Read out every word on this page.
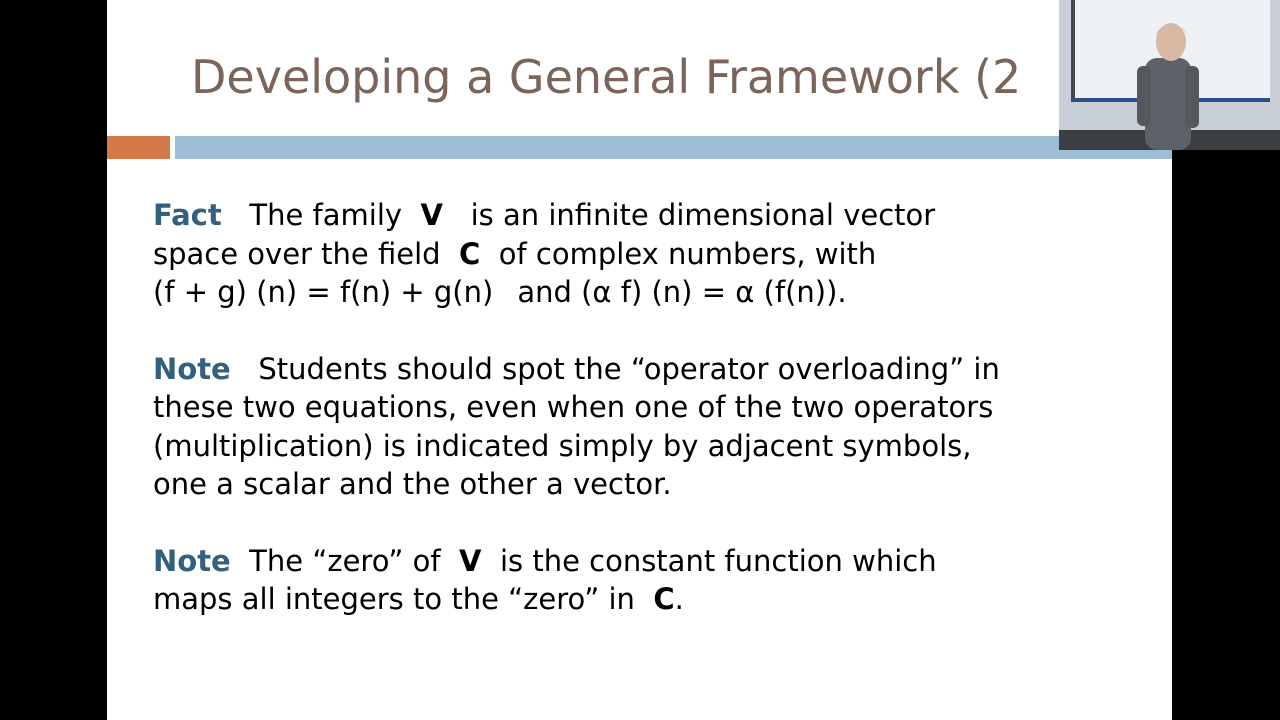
Developing a General Framework (2

Fact The family V is an infinite dimensional vector
space over the field C of complex numbers, with
(f + g) (n) = f(n) + g(n) and (α f) (n) = α (f(n)).

Note Students should spot the “operator overloading” in
these two equations, even when one of the two operators
(multiplication) is indicated simply by adjacent symbols,
one a scalar and the other a vector.

Note The “zero” of V is the constant function which
maps all integers to the “zero” in C.
